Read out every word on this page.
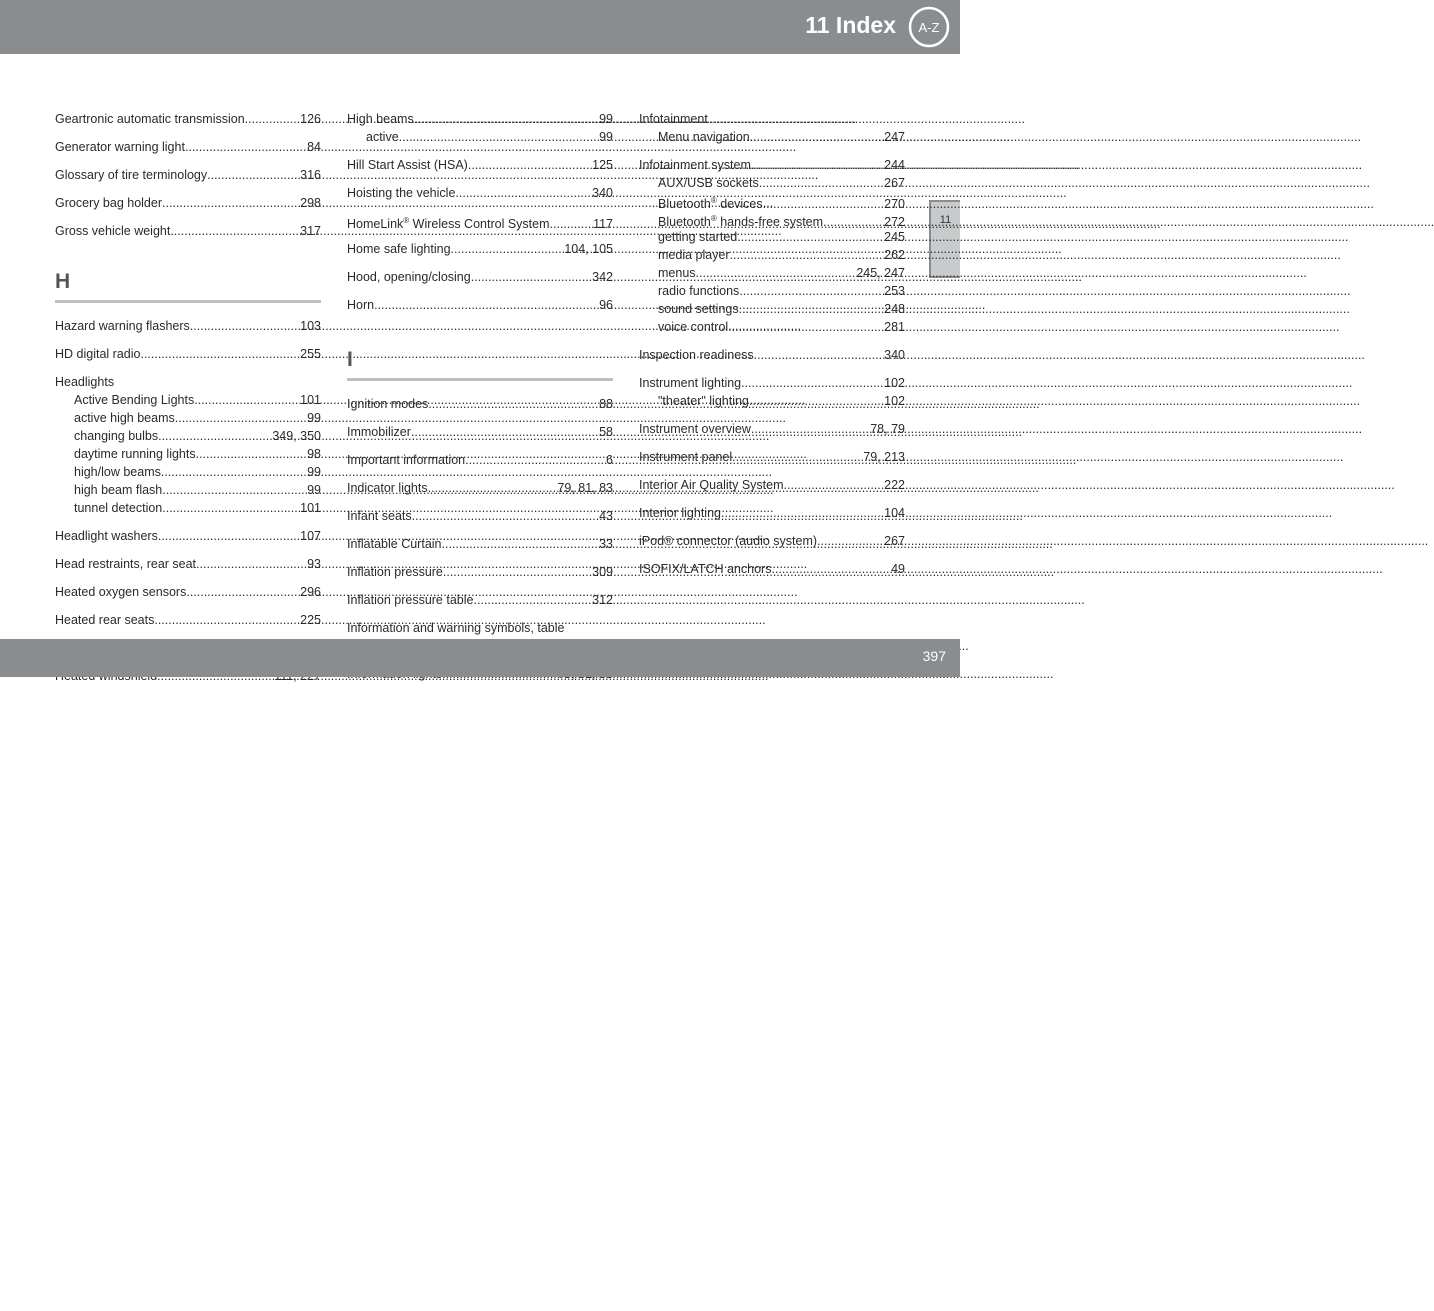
11 Index A-Z
11
Geartronic automatic transmission .....	126
Generator warning light .....	84
Glossary of tire terminology .....	316
Grocery bag holder .....	298
Gross vehicle weight .....	317
H
Hazard warning flashers .....	103
HD digital radio .....	255
Headlights
Active Bending Lights .....	101
active high beams .....	99
changing bulbs .....	349, 350
daytime running lights .....	98
high/low beams .....	99
high beam flash .....	99
tunnel detection .....	101
Headlight washers .....	107
Head restraints, rear seat .....	93
Heated oxygen sensors .....	296
Heated rear seats .....	225
.....
.....
High beams .....	99
active .....	99
Hill Start Assist (HSA) .....	125
Hoisting the vehicle .....	340
HomeLink® Wireless Control System .....	117
Home safe lighting .....	104, 105
Hood, opening/closing .....	342
Horn .....	96
I
Ignition modes .....	88
Immobilizer .....	58
Important information .....	6
Indicator lights .....	79, 81, 83
Infant seats .....	43
Inflatable Curtain .....	33
Inflation pressure .....	309
Inflation pressure table .....	312
Information and warning symbols, table
.....
.....
Infotainment
Menu navigation .....	247
Infotainment system .....	244
AUX/USB sockets .....	267
Bluetooth® devices .....	270
Bluetooth® hands-free system .....	272
getting started .....	245
media player .....	262
menus .....	245, 247
radio functions .....	253
sound settings .....	248
voice control .....	281
Inspection readiness .....	340
Instrument lighting .....	102
"theater" lighting .....	102
Instrument overview .....	78, 79
Instrument panel .....	79, 213
Interior Air Quality System .....	222
Interior lighting .....	104
iPod® connector (audio system) .....	267
ISOFIX/LATCH anchors .....	49
carmanualsonline.info
397
